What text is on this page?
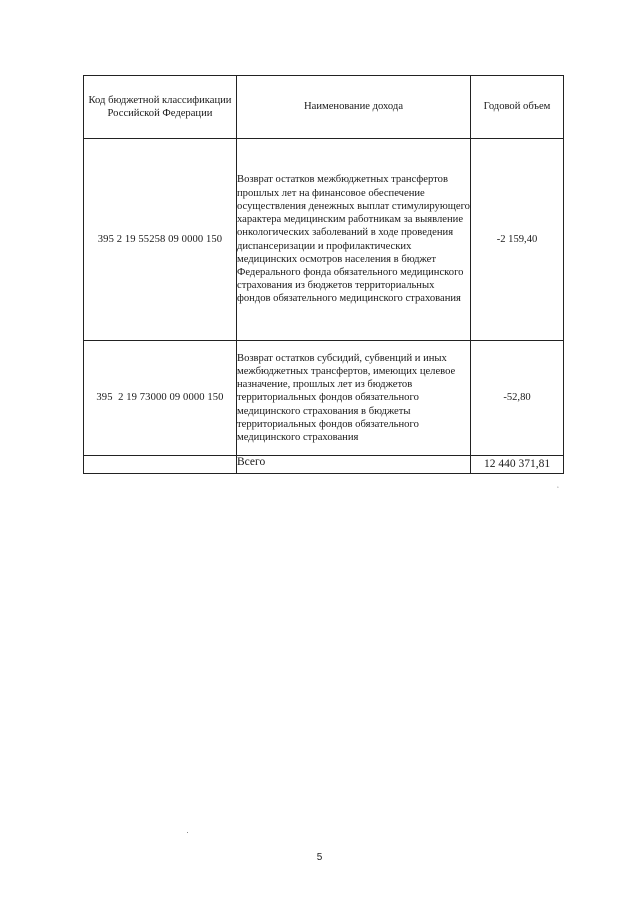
Код бюджетной классификации Российской Федерации	Наименование дохода	Годовой объем
395 2 19 55258 09 0000 150	Возврат остатков межбюджетных трансфертов прошлых лет на финансовое обеспечение осуществления денежных выплат стимулирующего характера медицинским работникам за выявление онкологических заболеваний в ходе проведения диспансеризации и профилактических медицинских осмотров населения в бюджет Федерального фонда обязательного медицинского страхования из бюджетов территориальных фондов обязательного медицинского страхования	-2 159,40
395  2 19 73000 09 0000 150	Возврат остатков субсидий, субвенций и иных межбюджетных трансфертов, имеющих целевое назначение, прошлых лет из бюджетов территориальных фондов обязательного медицинского страхования в бюджеты территориальных фондов обязательного медицинского страхования	-52,80
	Всего	12 440 371,81
ᵒ
5
